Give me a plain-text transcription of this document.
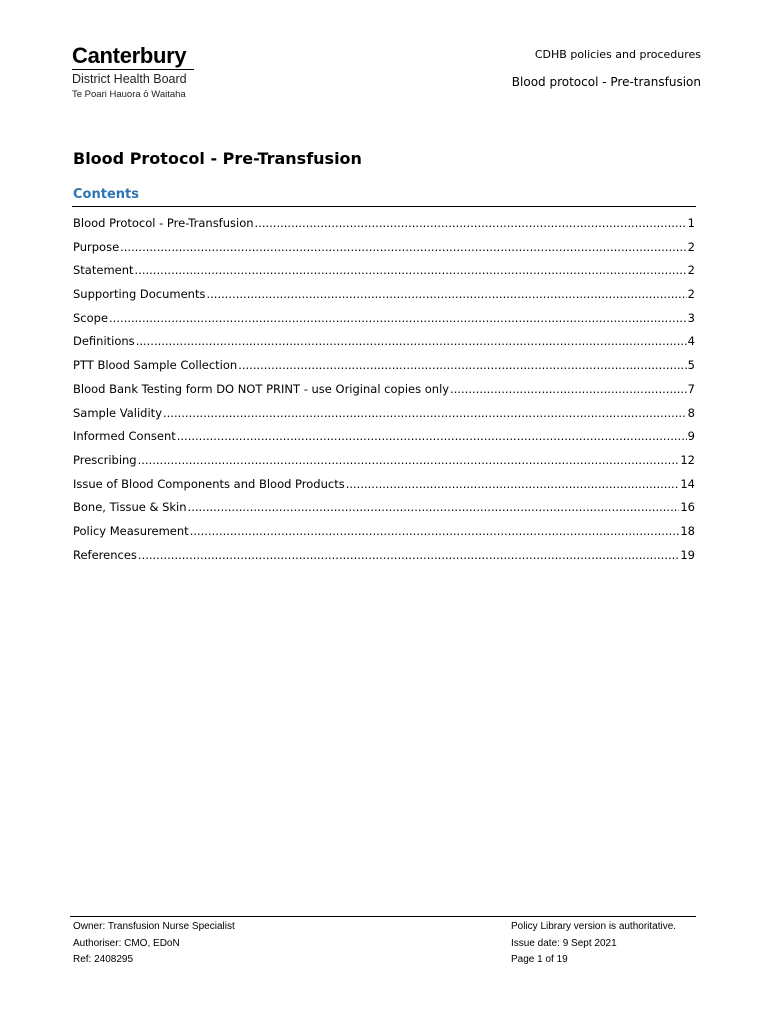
Canterbury
District Health Board
Te Poari Hauora ō Waitaha
CDHB policies and procedures
Blood protocol - Pre-transfusion
Blood Protocol - Pre-Transfusion
Contents
Blood Protocol - Pre-Transfusion .....	1
Purpose .....	2
Statement .....	2
Supporting Documents .....	2
Scope .....	3
Definitions .....	4
PTT Blood Sample Collection .....	5
Blood Bank Testing form DO NOT PRINT - use Original copies only .....	7
Sample Validity .....	8
Informed Consent .....	9
Prescribing .....	12
Issue of Blood Components and Blood Products .....	14
Bone, Tissue & Skin .....	16
Policy Measurement .....	18
References .....	19
Owner: Transfusion Nurse Specialist
Authoriser: CMO, EDoN
Ref: 2408295
Policy Library version is authoritative.
Issue date: 9 Sept 2021
Page 1 of 19
